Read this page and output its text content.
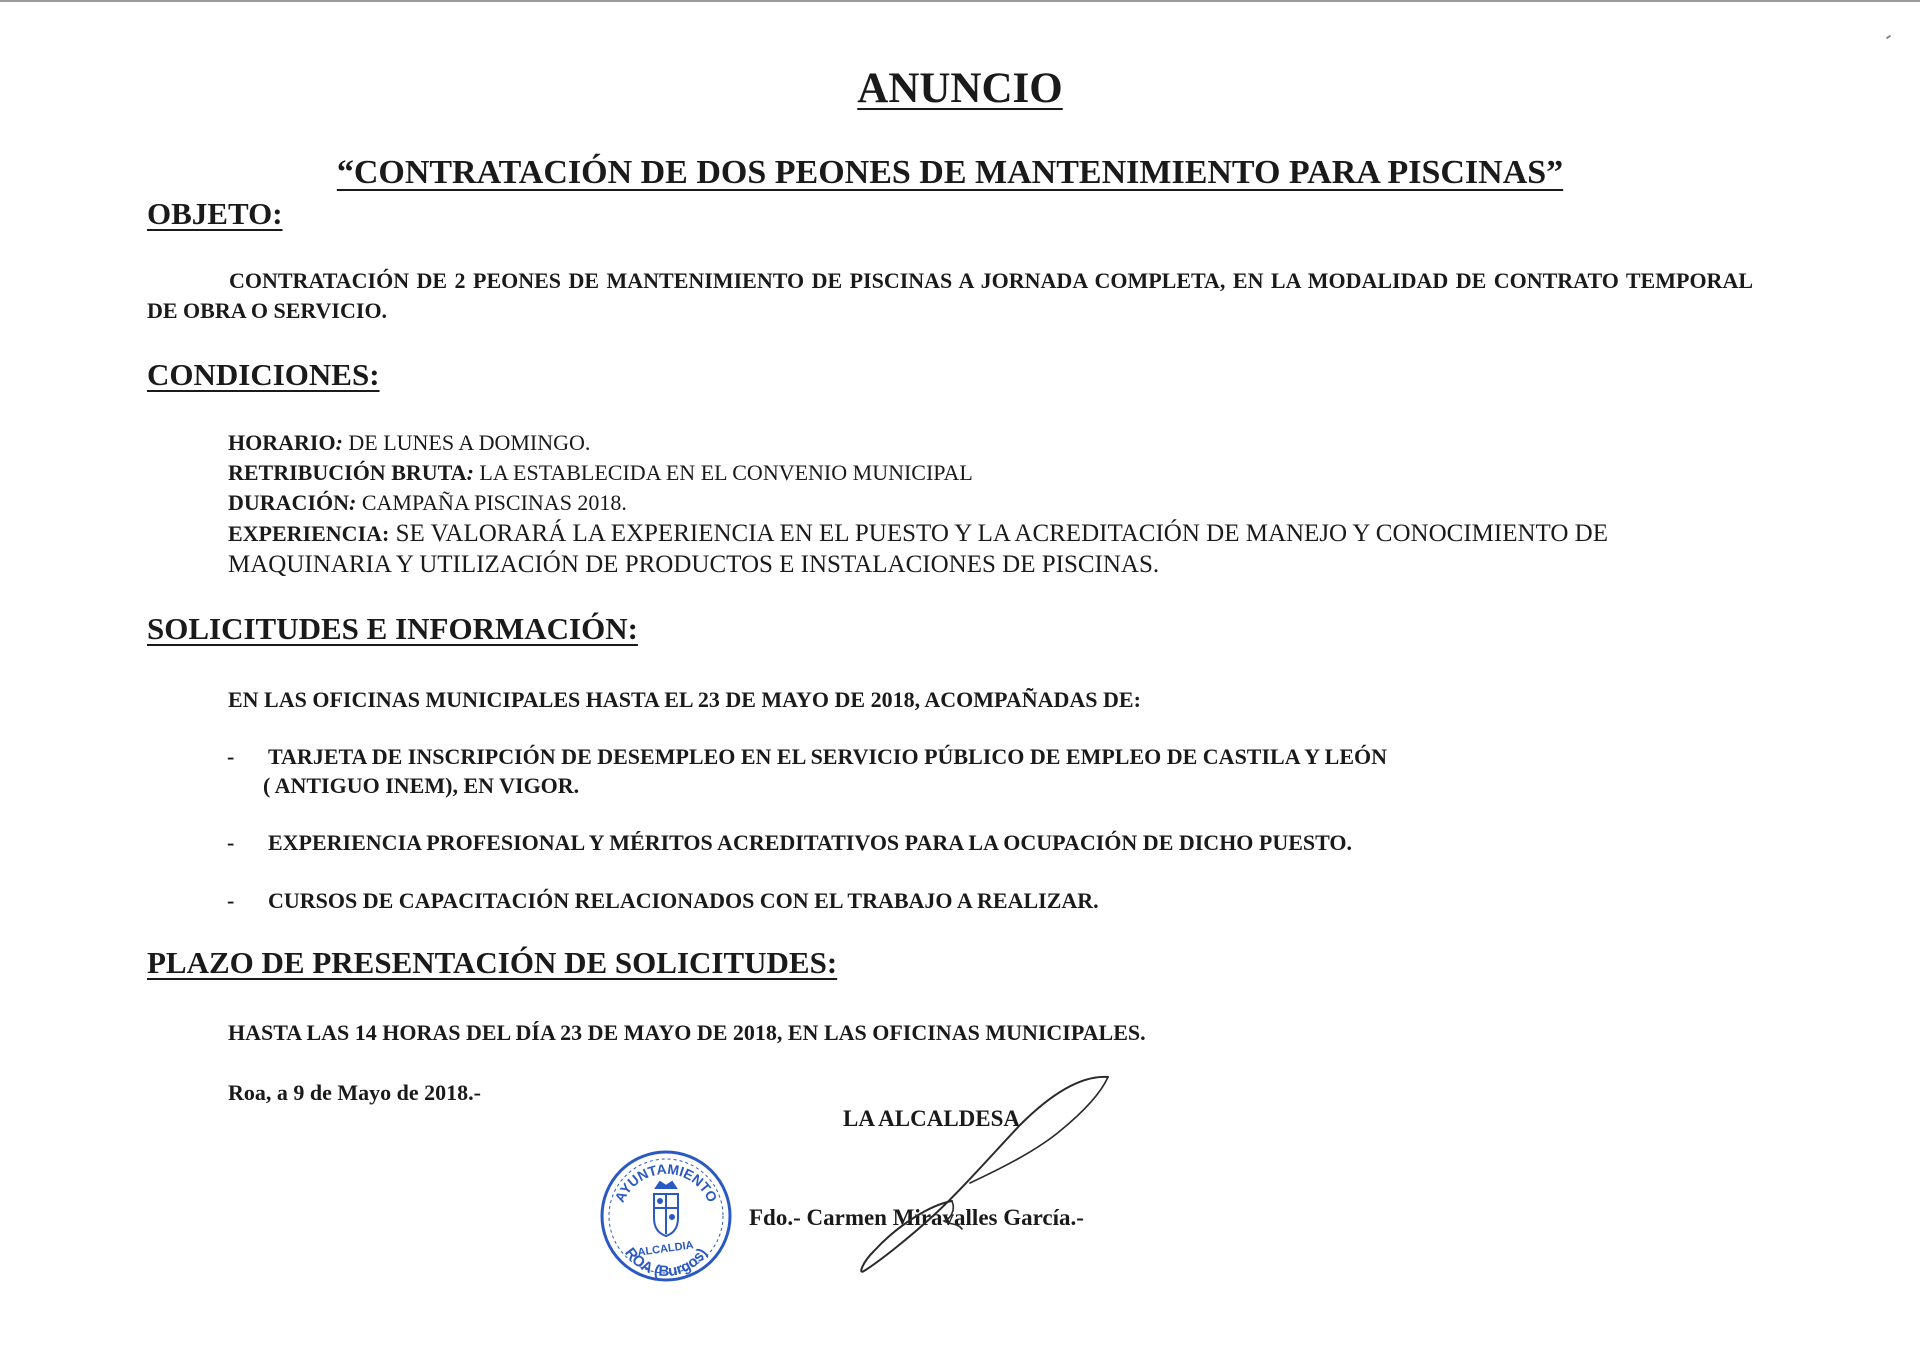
ANUNCIO
“CONTRATACIÓN DE DOS PEONES DE MANTENIMIENTO PARA PISCINAS”
OBJETO:
CONTRATACIÓN DE 2 PEONES DE MANTENIMIENTO DE PISCINAS A JORNADA COMPLETA, EN LA MODALIDAD DE CONTRATO TEMPORAL DE OBRA O SERVICIO.
CONDICIONES:
HORARIO: DE LUNES A DOMINGO.
RETRIBUCIÓN BRUTA: LA ESTABLECIDA EN EL CONVENIO MUNICIPAL
DURACIÓN: CAMPAÑA PISCINAS 2018.
EXPERIENCIA: SE VALORARÁ LA EXPERIENCIA EN EL PUESTO Y LA ACREDITACIÓN DE MANEJO Y CONOCIMIENTO DE MAQUINARIA Y UTILIZACIÓN DE PRODUCTOS E INSTALACIONES DE PISCINAS.
SOLICITUDES E INFORMACIÓN:
EN LAS OFICINAS MUNICIPALES HASTA EL 23 DE MAYO DE 2018, ACOMPAÑADAS DE:
- TARJETA DE INSCRIPCIÓN DE DESEMPLEO EN EL SERVICIO PÚBLICO DE EMPLEO DE CASTILA Y LEÓN
( ANTIGUO INEM), EN VIGOR.
- EXPERIENCIA PROFESIONAL Y MÉRITOS ACREDITATIVOS PARA LA OCUPACIÓN DE DICHO PUESTO.
- CURSOS DE CAPACITACIÓN RELACIONADOS CON EL TRABAJO A REALIZAR.
PLAZO DE PRESENTACIÓN DE SOLICITUDES:
HASTA LAS 14 HORAS DEL DÍA 23 DE MAYO DE 2018, EN LAS OFICINAS MUNICIPALES.
Roa, a 9 de Mayo de 2018.-
LA ALCALDESA
Fdo.- Carmen Miravalles García.-
AYUNTAMIENTO
ALCALDIA
ROA (Burgos)
